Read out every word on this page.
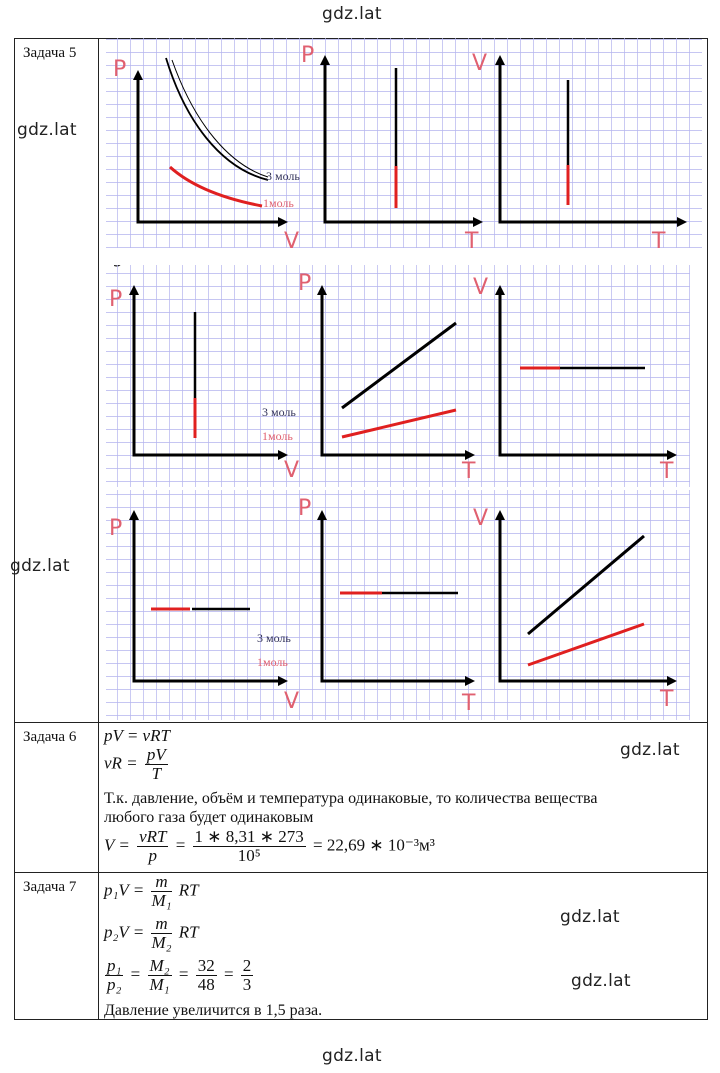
gdz.lat
gdz.lat
gdz.lat
gdz.lat
gdz.lat
gdz.lat
gdz.lat
Задача 5
Задача 6
Задача 7
P
V
P
T
V
T
P
V
P
T
V
T
P
V
P
T
V
T
3 моль
1моль
3 моль
1моль
3 моль
1моль
pV = νRT
$\nu R = \frac{pV}{T}$
Т.к. давление, объём и температура одинаковые, то количества вещества
любого газа будет одинаковым
$V = \frac{\text{νRT}}{p} = \frac{1 ∗ 8,31 ∗ 273}{\text{10⁵}} = 22,69$ ∗ 10⁻³м³
$p_1V = \frac{m}{\text{M₁}}$ RT
$p_2V = \frac{m}{\text{M₂}}$ RT
$\frac{\text{p₁}}{\text{p₂}} = \frac{\text{M₂}}{\text{M₁}} = \frac{32}{48} = \frac{2}{3}$
Давление увеличится в 1,5 раза.
